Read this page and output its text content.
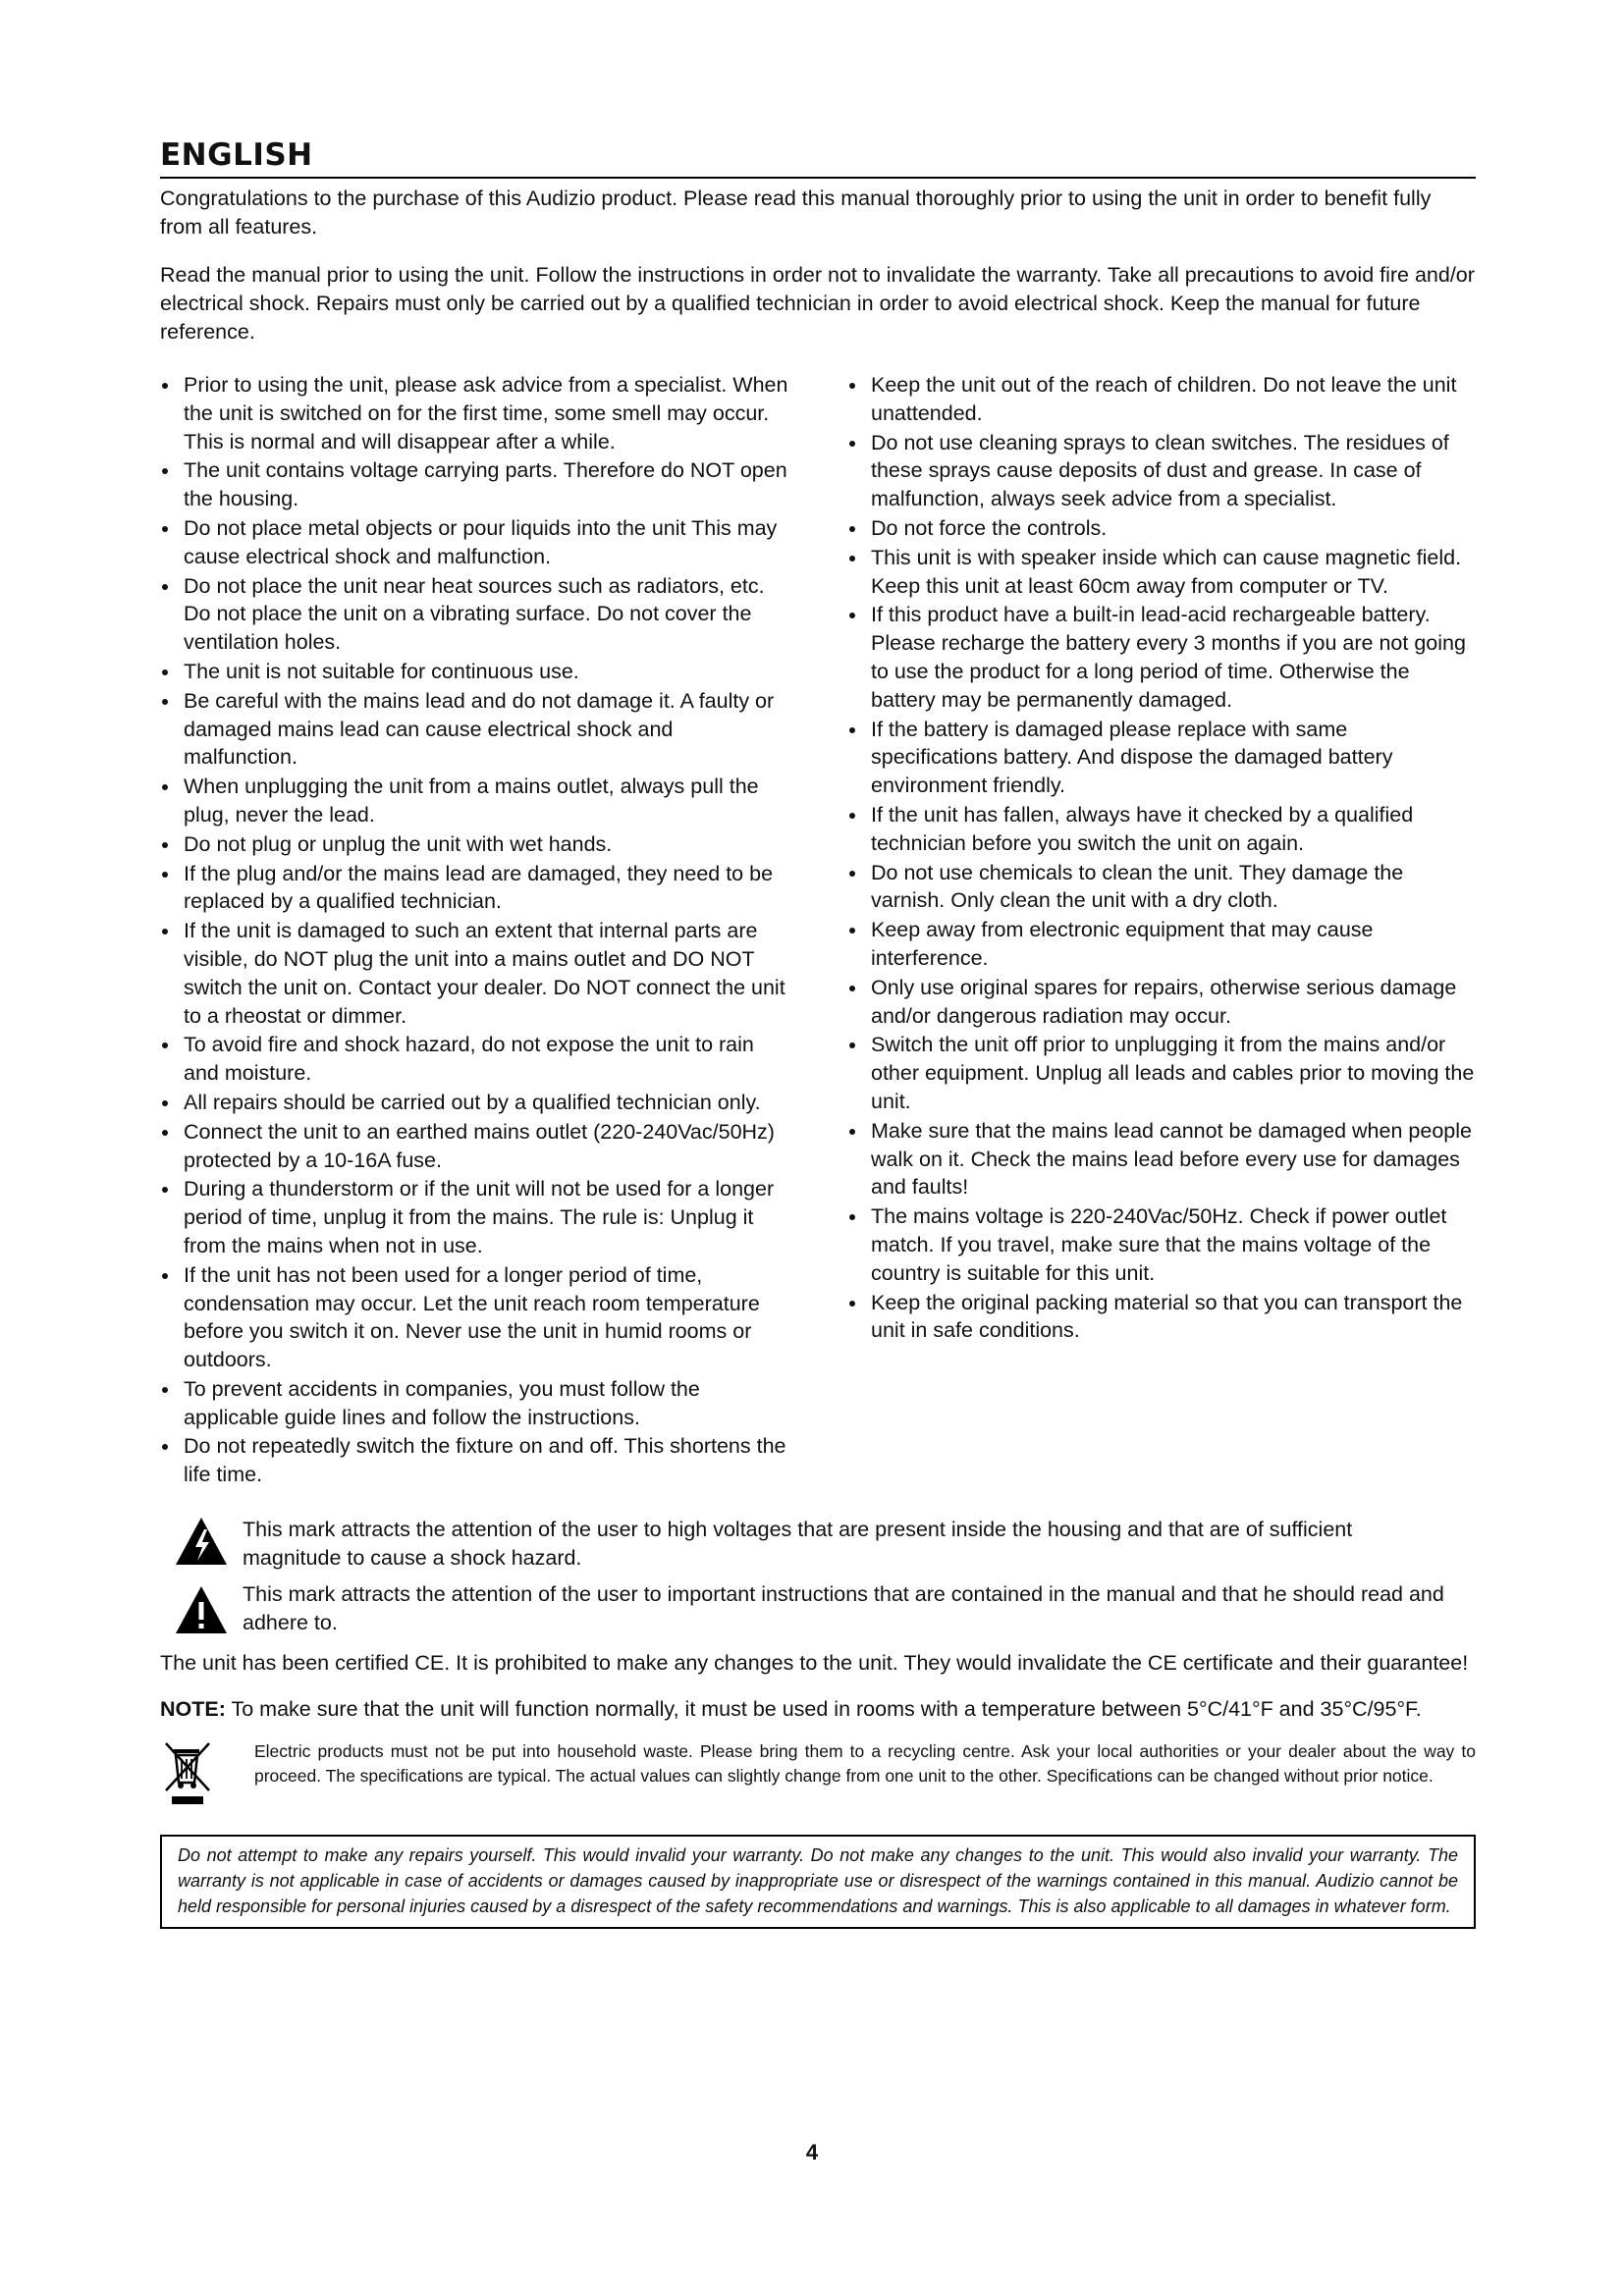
ENGLISH

Congratulations to the purchase of this Audizio product. Please read this manual thoroughly prior to using the unit in order to benefit fully from all features.

Read the manual prior to using the unit. Follow the instructions in order not to invalidate the warranty. Take all precautions to avoid fire and/or electrical shock. Repairs must only be carried out by a qualified technician in order to avoid electrical shock. Keep the manual for future reference.

Prior to using the unit, please ask advice from a specialist. When the unit is switched on for the first time, some smell may occur. This is normal and will disappear after a while.
The unit contains voltage carrying parts. Therefore do NOT open the housing.
Do not place metal objects or pour liquids into the unit This may cause electrical shock and malfunction.
Do not place the unit near heat sources such as radiators, etc. Do not place the unit on a vibrating surface. Do not cover the ventilation holes.
The unit is not suitable for continuous use.
Be careful with the mains lead and do not damage it. A faulty or damaged mains lead can cause electrical shock and malfunction.
When unplugging the unit from a mains outlet, always pull the plug, never the lead.
Do not plug or unplug the unit with wet hands.
If the plug and/or the mains lead are damaged, they need to be replaced by a qualified technician.
If the unit is damaged to such an extent that internal parts are visible, do NOT plug the unit into a mains outlet and DO NOT switch the unit on. Contact your dealer. Do NOT connect the unit to a rheostat or dimmer.
To avoid fire and shock hazard, do not expose the unit to rain and moisture.
All repairs should be carried out by a qualified technician only.
Connect the unit to an earthed mains outlet (220-240Vac/50Hz) protected by a 10-16A fuse.
During a thunderstorm or if the unit will not be used for a longer period of time, unplug it from the mains. The rule is: Unplug it from the mains when not in use.
If the unit has not been used for a longer period of time, condensation may occur. Let the unit reach room temperature before you switch it on. Never use the unit in humid rooms or outdoors.
To prevent accidents in companies, you must follow the applicable guide lines and follow the instructions.
Do not repeatedly switch the fixture on and off. This shortens the life time.
Keep the unit out of the reach of children. Do not leave the unit unattended.
Do not use cleaning sprays to clean switches. The residues of these sprays cause deposits of dust and grease. In case of malfunction, always seek advice from a specialist.
Do not force the controls.
This unit is with speaker inside which can cause magnetic field. Keep this unit at least 60cm away from computer or TV.
If this product have a built-in lead-acid rechargeable battery. Please recharge the battery every 3 months if you are not going to use the product for a long period of time. Otherwise the battery may be permanently damaged.
If the battery is damaged please replace with same specifications battery. And dispose the damaged battery environment friendly.
If the unit has fallen, always have it checked by a qualified technician before you switch the unit on again.
Do not use chemicals to clean the unit. They damage the varnish. Only clean the unit with a dry cloth.
Keep away from electronic equipment that may cause interference.
Only use original spares for repairs, otherwise serious damage and/or dangerous radiation may occur.
Switch the unit off prior to unplugging it from the mains and/or other equipment. Unplug all leads and cables prior to moving the unit.
Make sure that the mains lead cannot be damaged when people walk on it. Check the mains lead before every use for damages and faults!
The mains voltage is 220-240Vac/50Hz. Check if power outlet match. If you travel, make sure that the mains voltage of the country is suitable for this unit.
Keep the original packing material so that you can transport the unit in safe conditions.

This mark attracts the attention of the user to high voltages that are present inside the housing and that are of sufficient magnitude to cause a shock hazard.

This mark attracts the attention of the user to important instructions that are contained in the manual and that he should read and adhere to.

The unit has been certified CE. It is prohibited to make any changes to the unit. They would invalidate the CE certificate and their guarantee!

NOTE: To make sure that the unit will function normally, it must be used in rooms with a temperature between 5°C/41°F and 35°C/95°F.

Electric products must not be put into household waste. Please bring them to a recycling centre. Ask your local authorities or your dealer about the way to proceed. The specifications are typical. The actual values can slightly change from one unit to the other. Specifications can be changed without prior notice.

Do not attempt to make any repairs yourself. This would invalid your warranty. Do not make any changes to the unit. This would also invalid your warranty. The warranty is not applicable in case of accidents or damages caused by inappropriate use or disrespect of the warnings contained in this manual. Audizio cannot be held responsible for personal injuries caused by a disrespect of the safety recommendations and warnings. This is also applicable to all damages in whatever form.
4
